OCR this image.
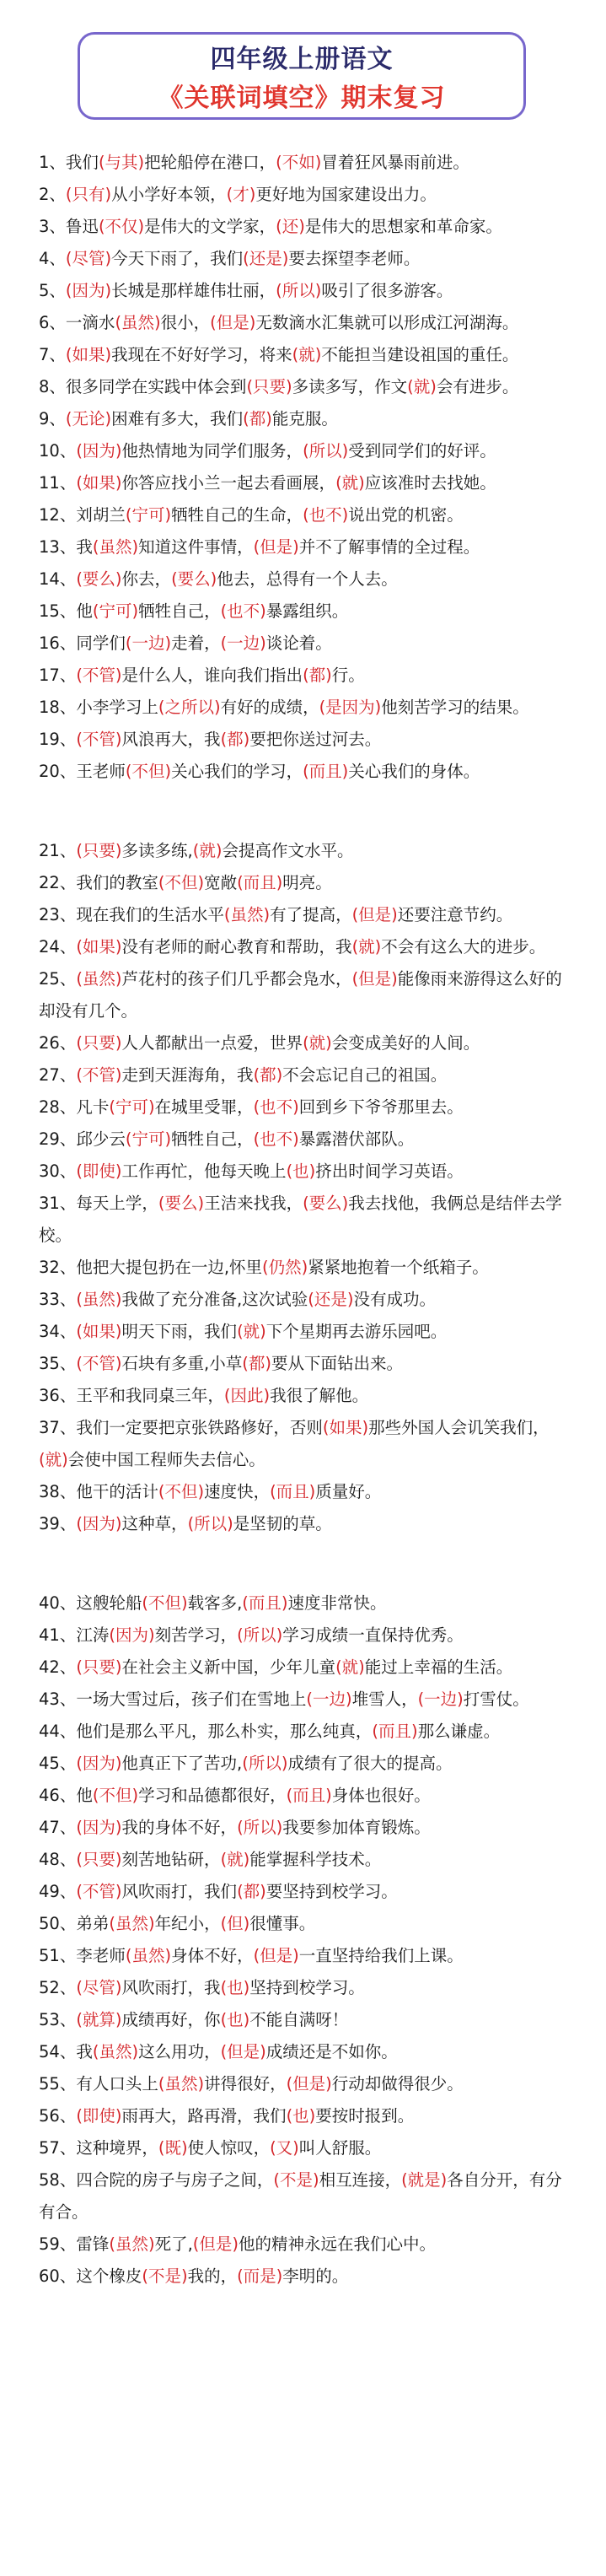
四年级上册语文
《关联词填空》期末复习

1、我们(与其)把轮船停在港口，(不如)冒着狂风暴雨前进。
2、(只有)从小学好本领，(才)更好地为国家建设出力。
3、鲁迅(不仅)是伟大的文学家，(还)是伟大的思想家和革命家。
4、(尽管)今天下雨了，我们(还是)要去探望李老师。
5、(因为)长城是那样雄伟壮丽，(所以)吸引了很多游客。
6、一滴水(虽然)很小，(但是)无数滴水汇集就可以形成江河湖海。
7、(如果)我现在不好好学习，将来(就)不能担当建设祖国的重任。
8、很多同学在实践中体会到(只要)多读多写，作文(就)会有进步。
9、(无论)困难有多大，我们(都)能克服。
10、(因为)他热情地为同学们服务，(所以)受到同学们的好评。
11、(如果)你答应找小兰一起去看画展，(就)应该准时去找她。
12、刘胡兰(宁可)牺牲自己的生命，(也不)说出党的机密。
13、我(虽然)知道这件事情，(但是)并不了解事情的全过程。
14、(要么)你去，(要么)他去，总得有一个人去。
15、他(宁可)牺牲自己，(也不)暴露组织。
16、同学们(一边)走着，(一边)谈论着。
17、(不管)是什么人，谁向我们指出(都)行。
18、小李学习上(之所以)有好的成绩，(是因为)他刻苦学习的结果。
19、(不管)风浪再大，我(都)要把你送过河去。
20、王老师(不但)关心我们的学习，(而且)关心我们的身体。
21、(只要)多读多练,(就)会提高作文水平。
22、我们的教室(不但)宽敞(而且)明亮。
23、现在我们的生活水平(虽然)有了提高，(但是)还要注意节约。
24、(如果)没有老师的耐心教育和帮助，我(就)不会有这么大的进步。
25、(虽然)芦花村的孩子们几乎都会凫水，(但是)能像雨来游得这么好的却没有几个。
26、(只要)人人都献出一点爱，世界(就)会变成美好的人间。
27、(不管)走到天涯海角，我(都)不会忘记自己的祖国。
28、凡卡(宁可)在城里受罪，(也不)回到乡下爷爷那里去。
29、邱少云(宁可)牺牲自己，(也不)暴露潜伏部队。
30、(即使)工作再忙，他每天晚上(也)挤出时间学习英语。
31、每天上学，(要么)王洁来找我，(要么)我去找他，我俩总是结伴去学校。
32、他把大提包扔在一边,怀里(仍然)紧紧地抱着一个纸箱子。
33、(虽然)我做了充分准备,这次试验(还是)没有成功。
34、(如果)明天下雨，我们(就)下个星期再去游乐园吧。
35、(不管)石块有多重,小草(都)要从下面钻出来。
36、王平和我同桌三年，(因此)我很了解他。
37、我们一定要把京张铁路修好，否则(如果)那些外国人会讥笑我们，(就)会使中国工程师失去信心。
38、他干的活计(不但)速度快，(而且)质量好。
39、(因为)这种草，(所以)是坚韧的草。
40、这艘轮船(不但)载客多,(而且)速度非常快。
41、江涛(因为)刻苦学习，(所以)学习成绩一直保持优秀。
42、(只要)在社会主义新中国，少年儿童(就)能过上幸福的生活。
43、一场大雪过后，孩子们在雪地上(一边)堆雪人，(一边)打雪仗。
44、他们是那么平凡，那么朴实，那么纯真，(而且)那么谦虚。
45、(因为)他真正下了苦功,(所以)成绩有了很大的提高。
46、他(不但)学习和品德都很好，(而且)身体也很好。
47、(因为)我的身体不好，(所以)我要参加体育锻炼。
48、(只要)刻苦地钻研，(就)能掌握科学技术。
49、(不管)风吹雨打，我们(都)要坚持到校学习。
50、弟弟(虽然)年纪小，(但)很懂事。
51、李老师(虽然)身体不好，(但是)一直坚持给我们上课。
52、(尽管)风吹雨打，我(也)坚持到校学习。
53、(就算)成绩再好，你(也)不能自满呀！
54、我(虽然)这么用功，(但是)成绩还是不如你。
55、有人口头上(虽然)讲得很好，(但是)行动却做得很少。
56、(即使)雨再大，路再滑，我们(也)要按时报到。
57、这种境界，(既)使人惊叹，(又)叫人舒服。
58、四合院的房子与房子之间，(不是)相互连接，(就是)各自分开，有分有合。
59、雷锋(虽然)死了,(但是)他的精神永远在我们心中。
60、这个橡皮(不是)我的，(而是)李明的。
